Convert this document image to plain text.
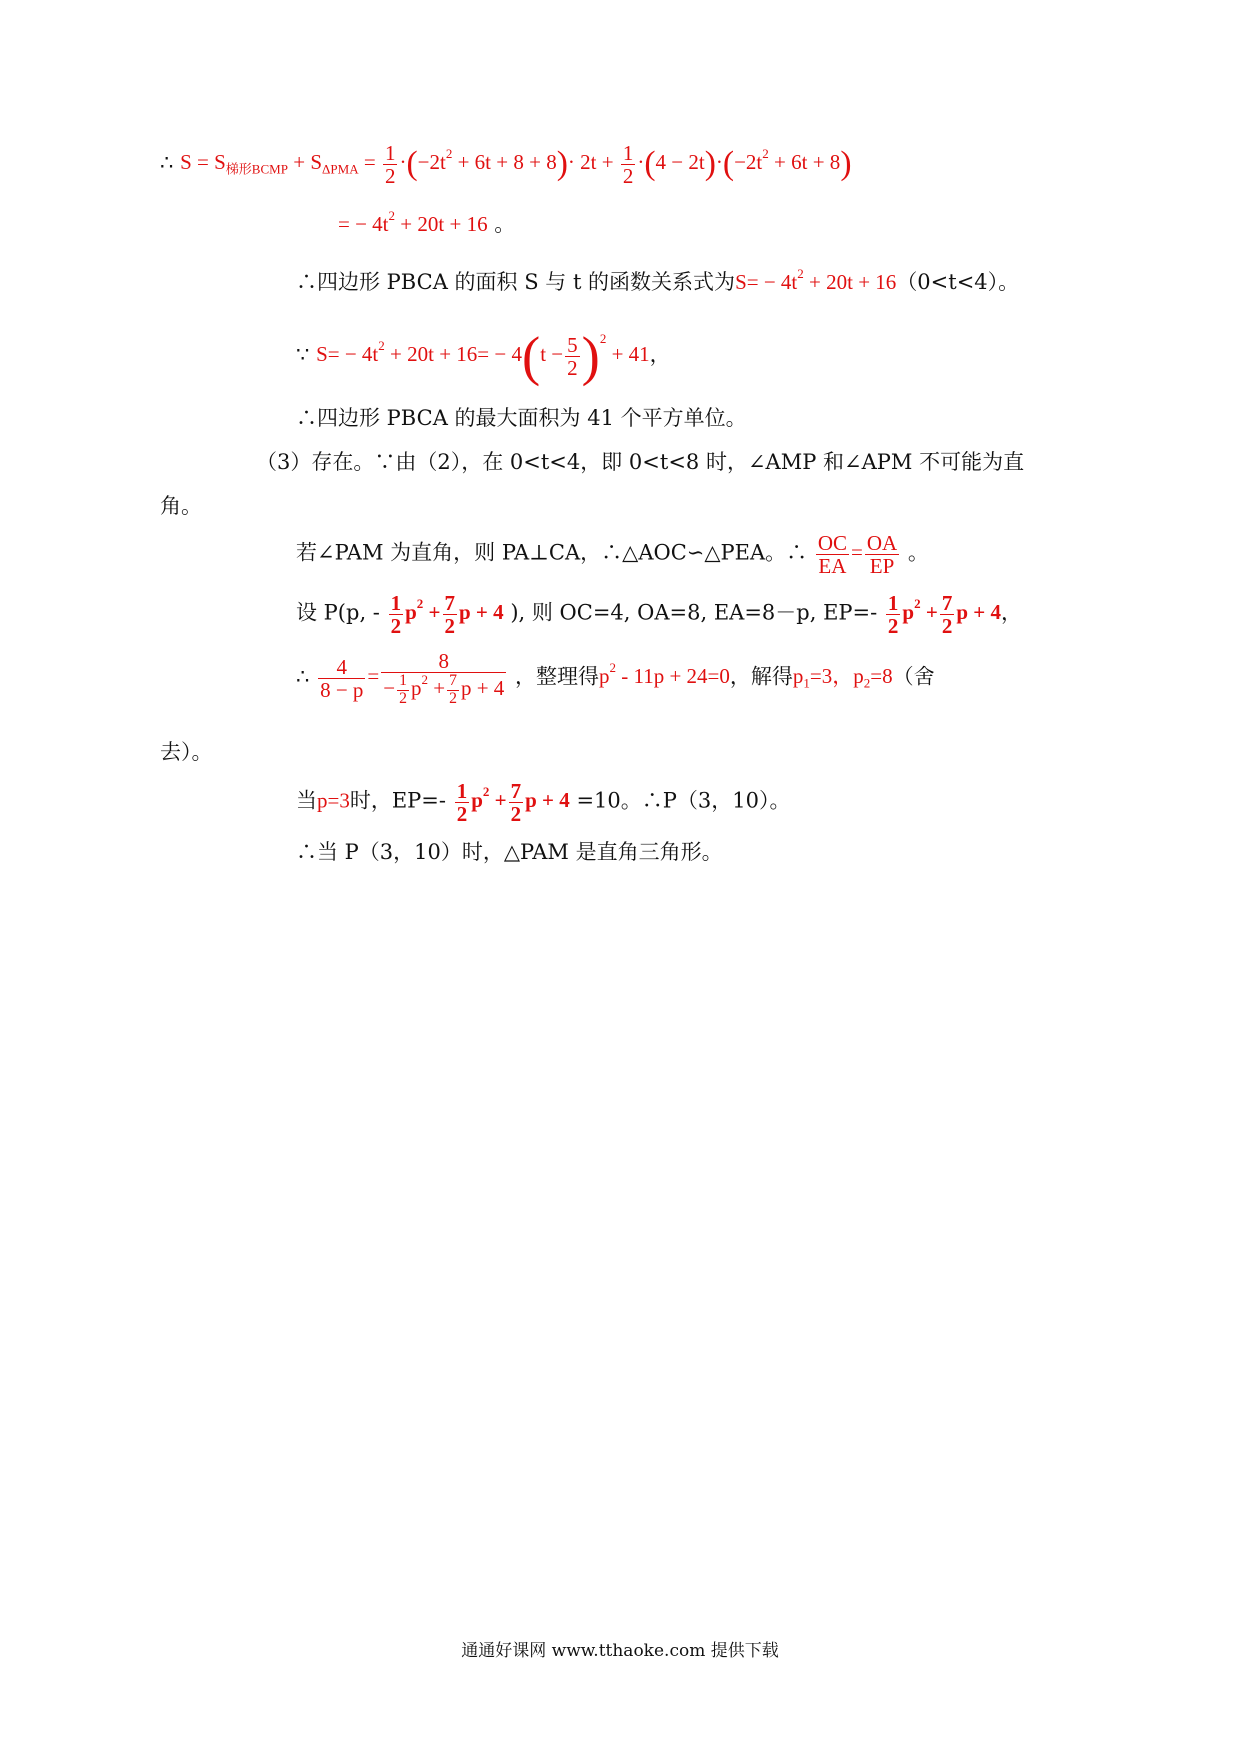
∴ $S = S_{梯形BCMP} + S_{\Delta PMA} = \frac{1}{2} \cdot(-2t^2 + 6t + 8 + 8)\cdot 2t + \frac{1}{2} \cdot(4 - 2t)\cdot(-2t^2 + 6t + 8)$
= − $4t^2 + 20t + 16$ 。
∴四边形 PBCA 的面积 S 与 t 的函数关系式为$S= - 4t^2 + 20t + 16(0<t<4)$。
∵ $S= - 4t^2 + 20t + 16= - 4(t - \frac{5}{2} )^2 + 41$，
∴四边形 PBCA 的最大面积为 41 个平方单位。
（3）存在。∵由（2），在 0<t<4，即 0<t<8 时，∠AMP 和∠APM 不可能为直
角。
若∠PAM 为直角，则 PA⊥CA，∴△AOC∽△PEA。∴ $\frac{OC}{EA} = \frac{OA}{EP}$ 。
设 P(p, - $\frac{1}{2} p^2 + \frac{7}{2}$ p + 4 ), 则 OC=4, OA=8, EA=8－p, $EP=- \frac{1}{2} p^2 + \frac{7}{2}$ p + 4，
∴ $\frac{4}{8 - p} = \frac{8}{- \frac{1}{2} p^2 + \frac{7}{2} p + 4}$ ，整理得$p^2 - 11p + 24=0$，解得$p_1=3$，$p_2=8$（舍
去）。
当p=3时，$EP=- \frac{1}{2} p^2 + \frac{7}{2}$ p + 4 =10。∴P（3，10）。
∴当 P（3，10）时，△PAM 是直角三角形。
通通好课网 www.tthaoke.com 提供下载
